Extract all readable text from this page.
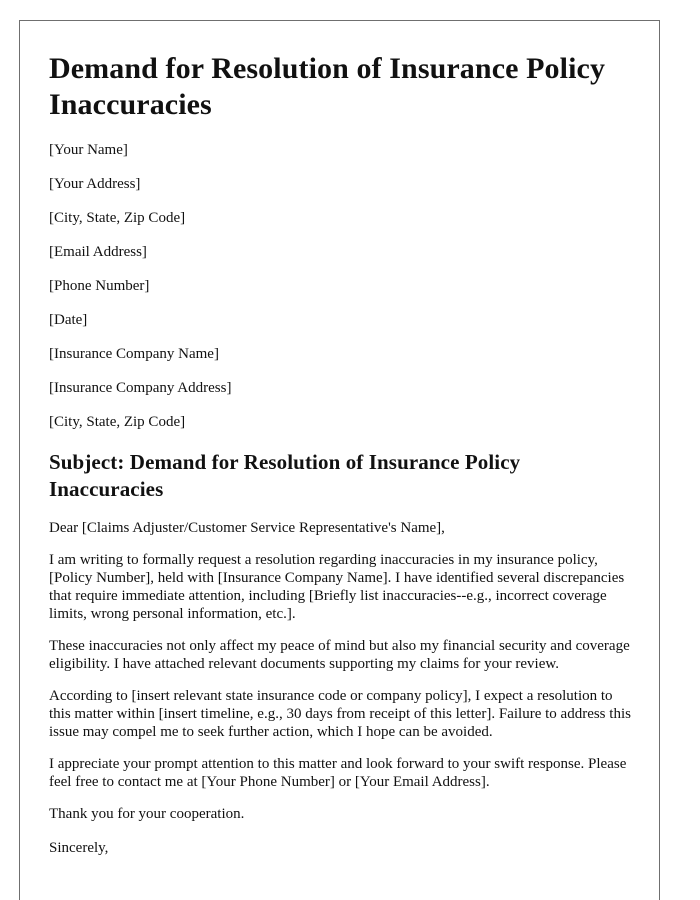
Demand for Resolution of Insurance Policy Inaccuracies
[Your Name]
[Your Address]
[City, State, Zip Code]
[Email Address]
[Phone Number]
[Date]
[Insurance Company Name]
[Insurance Company Address]
[City, State, Zip Code]
Subject: Demand for Resolution of Insurance Policy Inaccuracies

Dear [Claims Adjuster/Customer Service Representative's Name],

I am writing to formally request a resolution regarding inaccuracies in my insurance policy, [Policy Number], held with [Insurance Company Name]. I have identified several discrepancies that require immediate attention, including [Briefly list inaccuracies--e.g., incorrect coverage limits, wrong personal information, etc.].

These inaccuracies not only affect my peace of mind but also my financial security and coverage eligibility. I have attached relevant documents supporting my claims for your review.

According to [insert relevant state insurance code or company policy], I expect a resolution to this matter within [insert timeline, e.g., 30 days from receipt of this letter]. Failure to address this issue may compel me to seek further action, which I hope can be avoided.

I appreciate your prompt attention to this matter and look forward to your swift response. Please feel free to contact me at [Your Phone Number] or [Your Email Address].

Thank you for your cooperation.

Sincerely,
